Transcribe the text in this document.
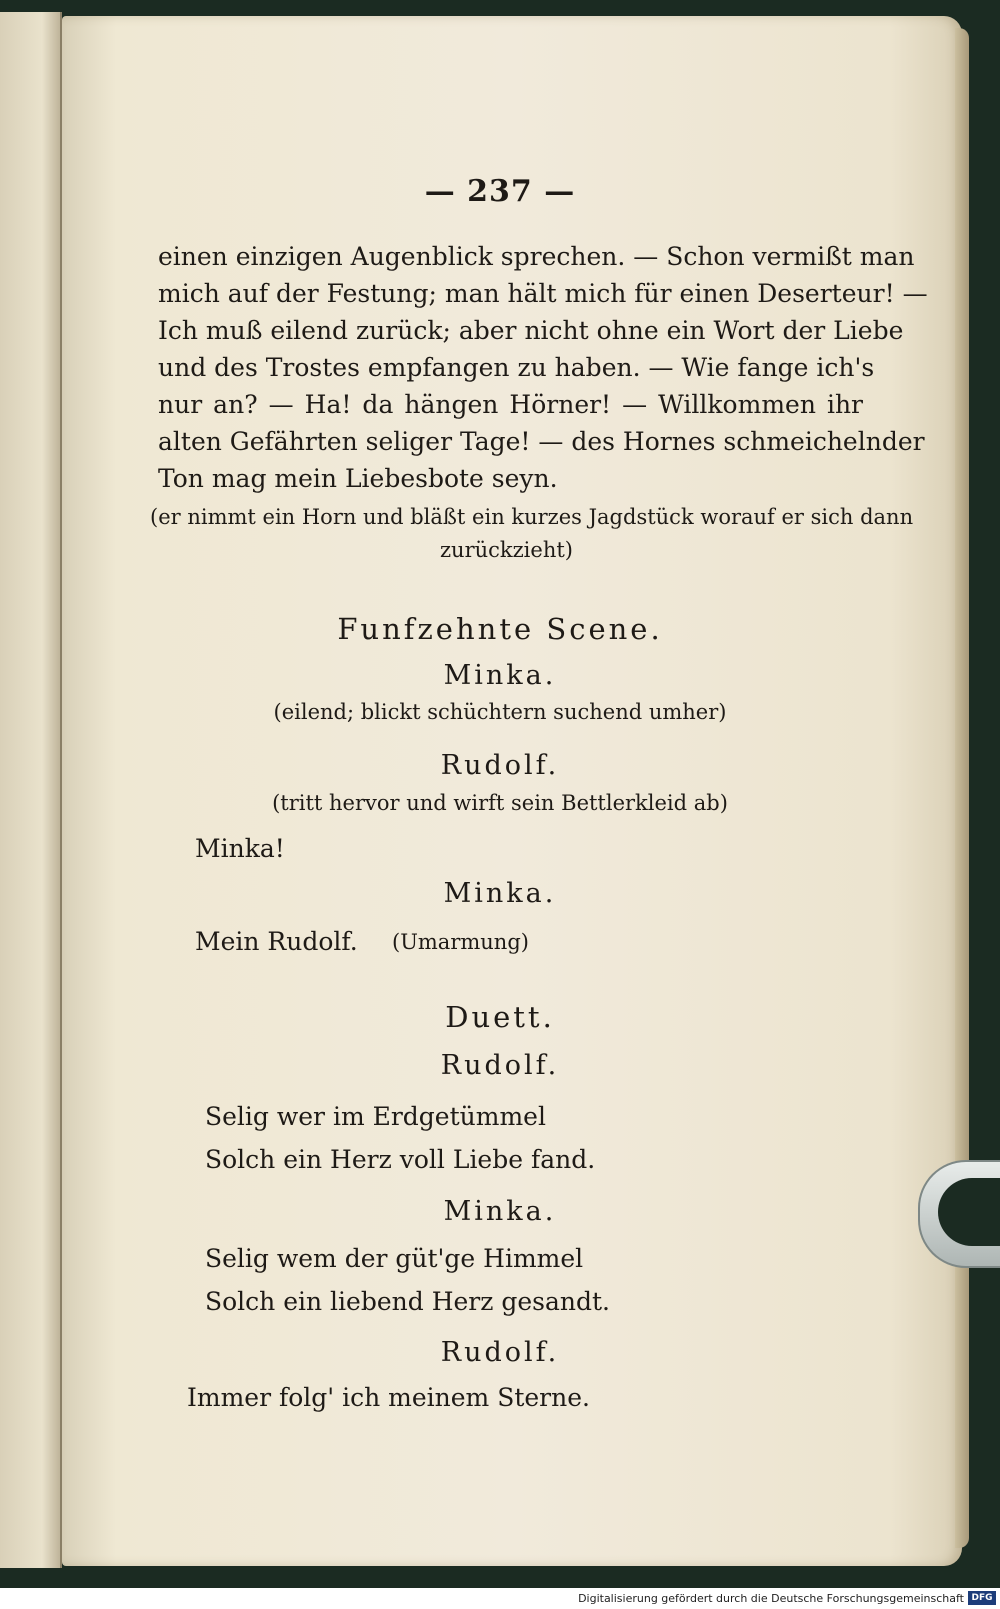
— 237 —
einen einzigen Augenblick sprechen. — Schon vermißt man
mich auf der Festung; man hält mich für einen Deserteur! —
Ich muß eilend zurück; aber nicht ohne ein Wort der Liebe
und des Trostes empfangen zu haben. — Wie fange ich's
nur an? — Ha! da hängen Hörner! — Willkommen ihr
alten Gefährten seliger Tage! — des Hornes schmeichelnder
Ton mag mein Liebesbote seyn.
(er nimmt ein Horn und bläßt ein kurzes Jagdstück worauf er sich dann
zurückzieht)
Funfzehnte Scene.
Minka.
(eilend; blickt schüchtern suchend umher)
Rudolf.
(tritt hervor und wirft sein Bettlerkleid ab)
Minka!
Minka.
Mein Rudolf. (Umarmung)
Duett.
Rudolf.
Selig wer im Erdgetümmel
Solch ein Herz voll Liebe fand.
Minka.
Selig wem der güt'ge Himmel
Solch ein liebend Herz gesandt.
Rudolf.
Immer folg' ich meinem Sterne.
Digitalisierung gefördert durch die Deutsche Forschungsgemeinschaft DFG
